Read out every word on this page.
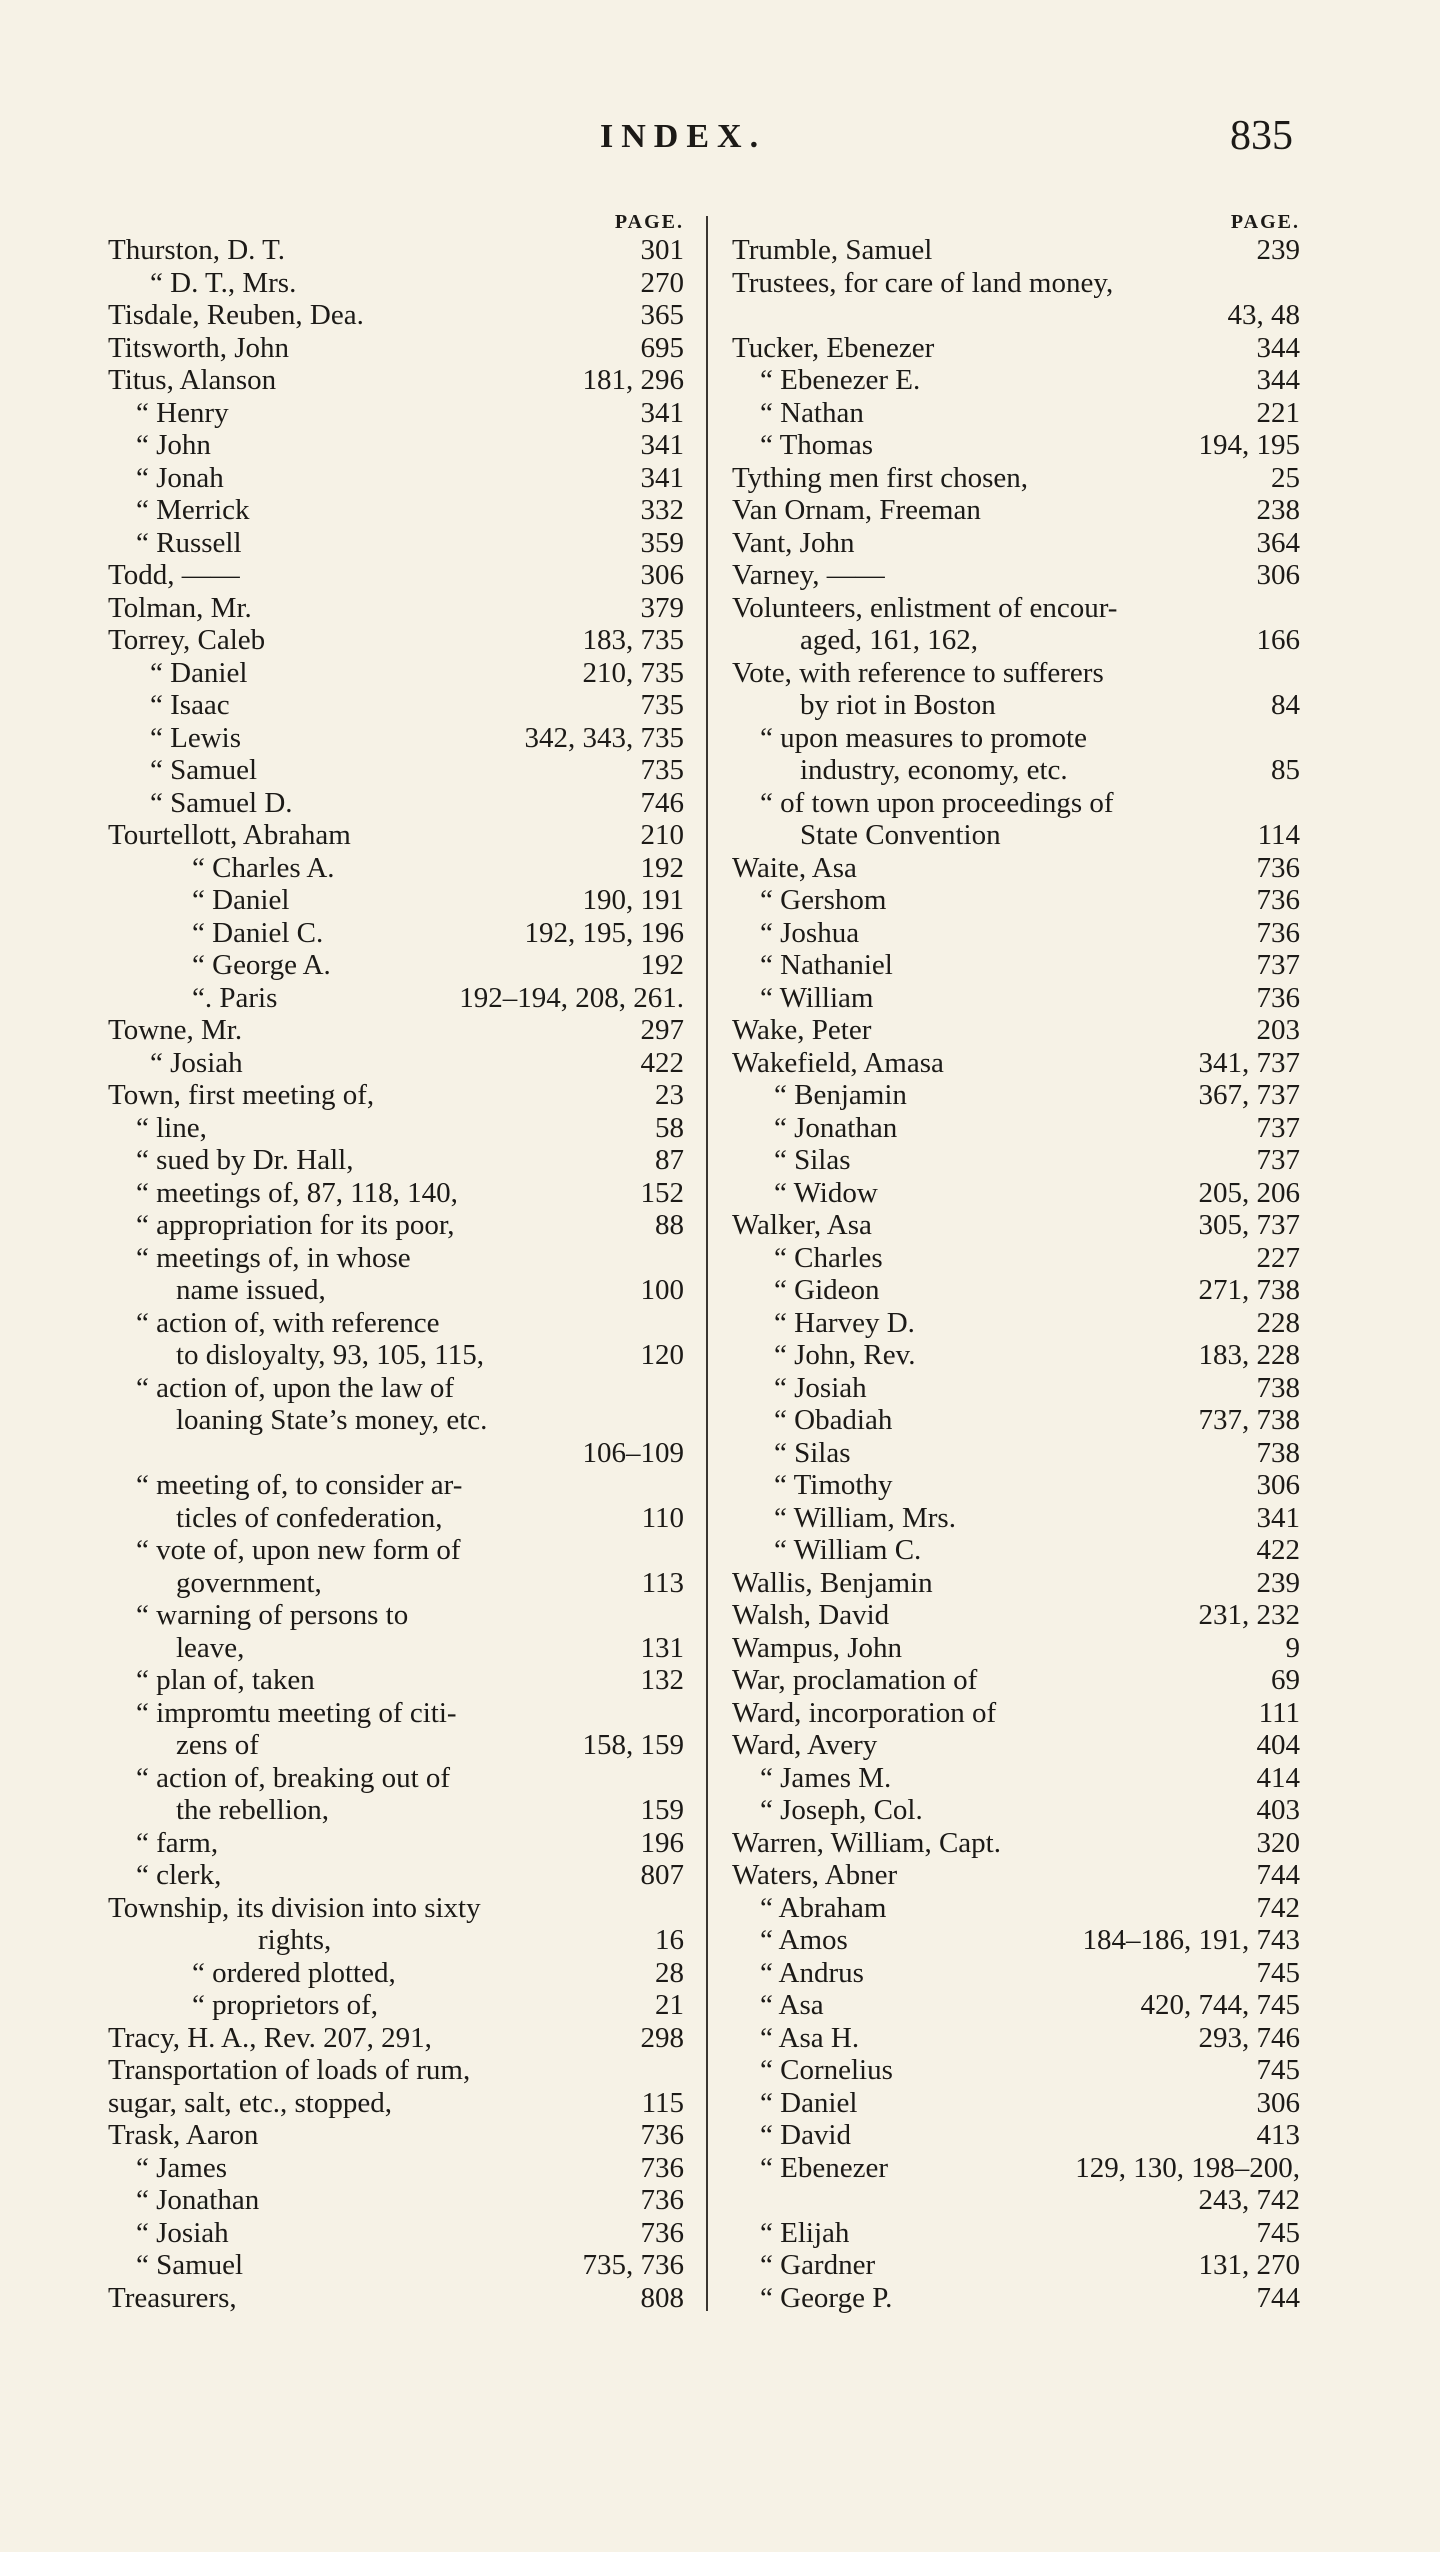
INDEX.	835
PAGE.
Thurston, D. T.	301
“ D. T., Mrs.	270
Tisdale, Reuben, Dea.	365
Titsworth, John	695
Titus, Alanson	181, 296
“ Henry	341
“ John	341
“ Jonah	341
“ Merrick	332
“ Russell	359
Todd, ——	306
Tolman, Mr.	379
Torrey, Caleb	183, 735
“ Daniel	210, 735
“ Isaac	735
“ Lewis	342, 343, 735
“ Samuel	735
“ Samuel D.	746
Tourtellott, Abraham	210
“ Charles A.	192
“ Daniel	190, 191
“ Daniel C.	192, 195, 196
“ George A.	192
“. Paris	192–194, 208, 261.
Towne, Mr.	297
“ Josiah	422
Town, first meeting of,	23
“ line,	58
“ sued by Dr. Hall,	87
“ meetings of, 87, 118, 140,	152
“ appropriation for its poor,	88
“ meetings of, in whose
name issued,	100
“ action of, with reference
to disloyalty, 93, 105, 115,	120
“ action of, upon the law of
loaning State’s money, etc.
106–109
“ meeting of, to consider ar-
ticles of confederation,	110
“ vote of, upon new form of
government,	113
“ warning of persons to
leave,	131
“ plan of, taken	132
“ impromtu meeting of citi-
zens of	158, 159
“ action of, breaking out of
the rebellion,	159
“ farm,	196
“ clerk,	807
Township, its division into sixty
rights,	16
“ ordered plotted,	28
“ proprietors of,	21
Tracy, H. A., Rev. 207, 291,	298
Transportation of loads of rum,
sugar, salt, etc., stopped,	115
Trask, Aaron	736
“ James	736
“ Jonathan	736
“ Josiah	736
“ Samuel	735, 736
Treasurers,	808
PAGE.
Trumble, Samuel	239
Trustees, for care of land money,
43, 48
Tucker, Ebenezer	344
“ Ebenezer E.	344
“ Nathan	221
“ Thomas	194, 195
Tything men first chosen,	25
Van Ornam, Freeman	238
Vant, John	364
Varney, ——	306
Volunteers, enlistment of encour-
aged, 161, 162,	166
Vote, with reference to sufferers
by riot in Boston	84
“ upon measures to promote
industry, economy, etc.	85
“ of town upon proceedings of
State Convention	114
Waite, Asa	736
“ Gershom	736
“ Joshua	736
“ Nathaniel	737
“ William	736
Wake, Peter	203
Wakefield, Amasa	341, 737
“ Benjamin	367, 737
“ Jonathan	737
“ Silas	737
“ Widow	205, 206
Walker, Asa	305, 737
“ Charles	227
“ Gideon	271, 738
“ Harvey D.	228
“ John, Rev.	183, 228
“ Josiah	738
“ Obadiah	737, 738
“ Silas	738
“ Timothy	306
“ William, Mrs.	341
“ William C.	422
Wallis, Benjamin	239
Walsh, David	231, 232
Wampus, John	9
War, proclamation of	69
Ward, incorporation of	111
Ward, Avery	404
“ James M.	414
“ Joseph, Col.	403
Warren, William, Capt.	320
Waters, Abner	744
“ Abraham	742
“ Amos	184–186, 191, 743
“ Andrus	745
“ Asa	420, 744, 745
“ Asa H.	293, 746
“ Cornelius	745
“ Daniel	306
“ David	413
“ Ebenezer	129, 130, 198–200,
243, 742
“ Elijah	745
“ Gardner	131, 270
“ George P.	744
